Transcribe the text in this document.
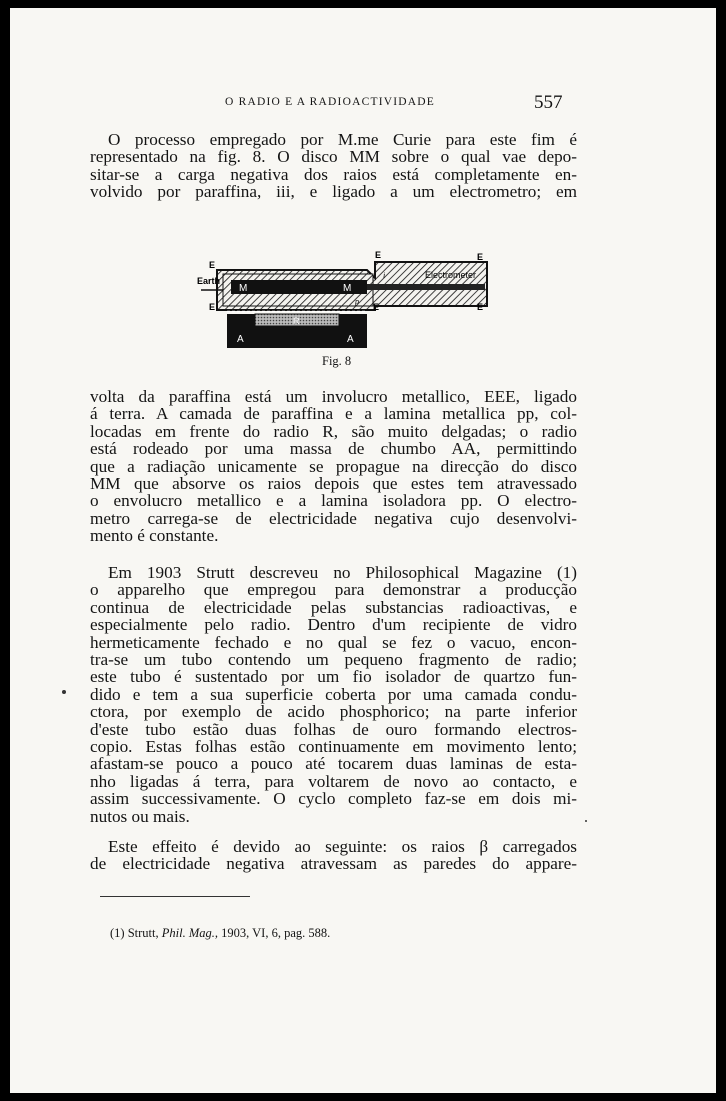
O RADIO E A RADIOACTIVIDADE	557
O processo empregado por M.me Curie para este fim é
representado na fig. 8. O disco MM sobre o qual vae depo-
sitar-se a carga negativa dos raios está completamente en-
volvido por paraffina, iii, e ligado a um electrometro; em
Earth
E
E
E
E
E
E
M	M
Electrometer
i
p
R
A	A
Fig. 8
volta da paraffina está um involucro metallico, EEE, ligado
á terra. A camada de paraffina e a lamina metallica pp, col-
locadas em frente do radio R, são muito delgadas; o radio
está rodeado por uma massa de chumbo AA, permittindo
que a radiação unicamente se propague na direcção do disco
MM que absorve os raios depois que estes tem atravessado
o envolucro metallico e a lamina isoladora pp. O electro-
metro carrega-se de electricidade negativa cujo desenvolvi-
mento é constante.
Em 1903 Strutt descreveu no Philosophical Magazine (1)
o apparelho que empregou para demonstrar a producção
continua de electricidade pelas substancias radioactivas, e
especialmente pelo radio. Dentro d'um recipiente de vidro
hermeticamente fechado e no qual se fez o vacuo, encon-
tra-se um tubo contendo um pequeno fragmento de radio;
este tubo é sustentado por um fio isolador de quartzo fun-
dido e tem a sua superficie coberta por uma camada condu-
ctora, por exemplo de acido phosphorico; na parte inferior
d'este tubo estão duas folhas de ouro formando electros-
copio. Estas folhas estão continuamente em movimento lento;
afastam-se pouco a pouco até tocarem duas laminas de esta-
nho ligadas á terra, para voltarem de novo ao contacto, e
assim successivamente. O cyclo completo faz-se em dois mi-
nutos ou mais.
Este effeito é devido ao seguinte: os raios β carregados
de electricidade negativa atravessam as paredes do appare-
(1) Strutt, Phil. Mag., 1903, VI, 6, pag. 588.
